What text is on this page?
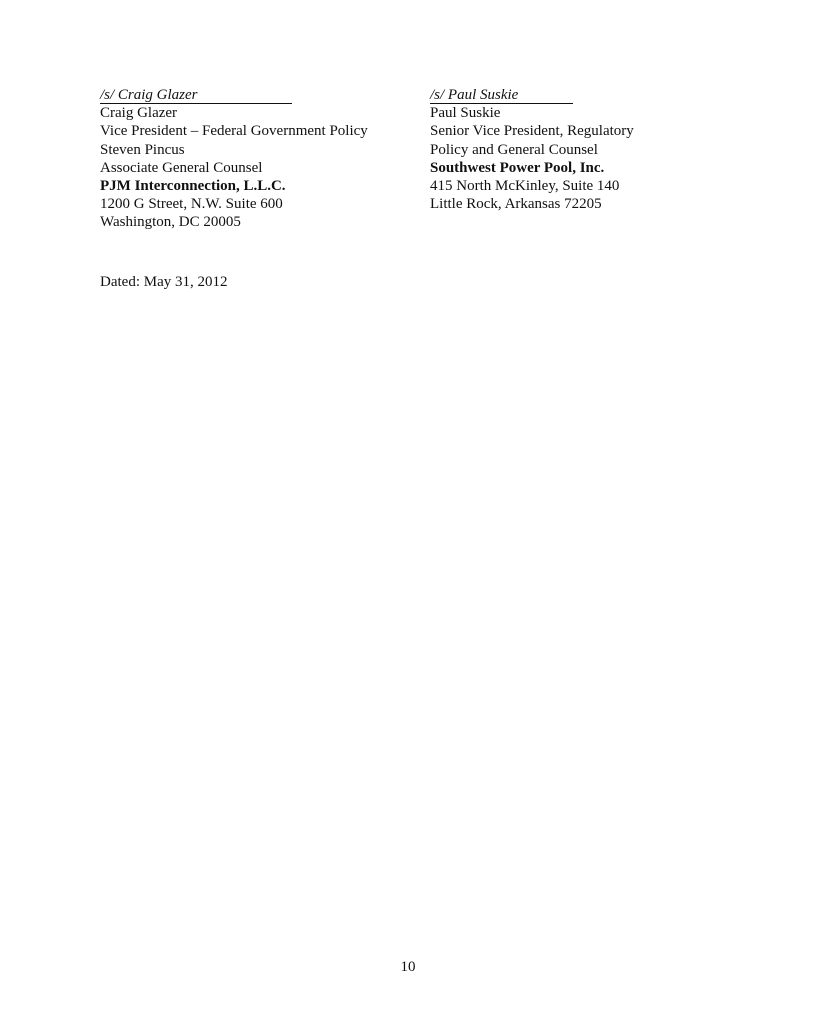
/s/ Craig Glazer
Craig Glazer
Vice President – Federal Government Policy
Steven Pincus
Associate General Counsel
PJM Interconnection, L.L.C.
1200 G Street, N.W. Suite 600
Washington, DC 20005
/s/ Paul Suskie
Paul Suskie
Senior Vice President, Regulatory
Policy and General Counsel
Southwest Power Pool, Inc.
415 North McKinley, Suite 140
Little Rock, Arkansas 72205
Dated: May 31, 2012
10
